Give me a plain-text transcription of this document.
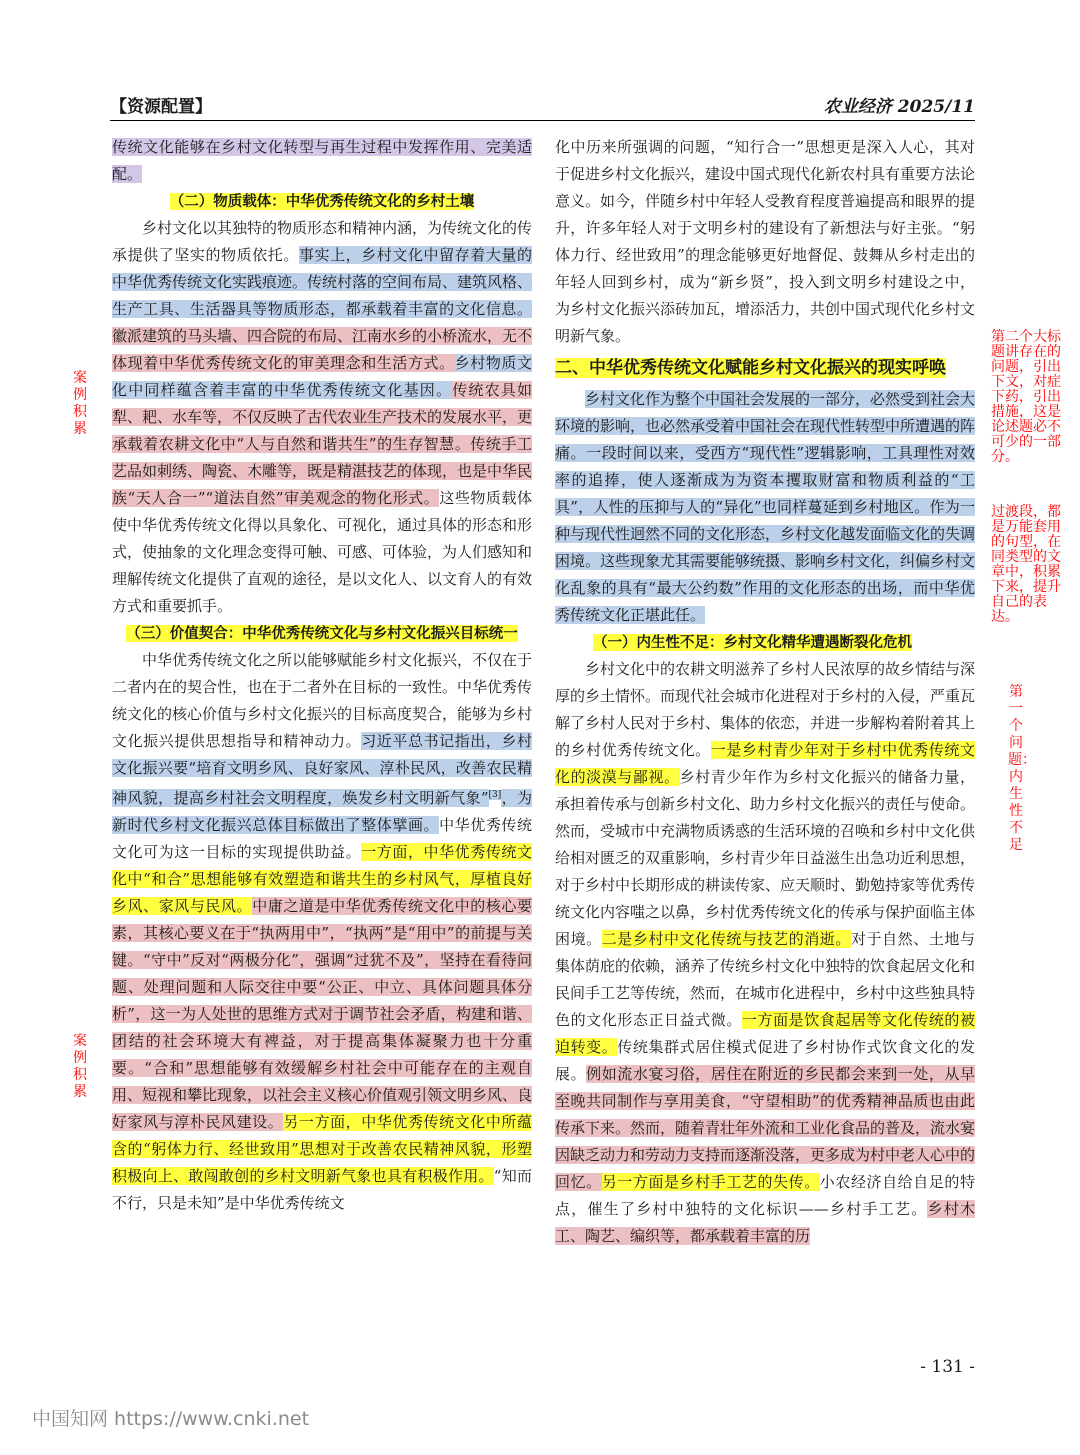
【资源配置】	农业经济 2025/11

传统文化能够在乡村文化转型与再生过程中发挥作用、完美适配。

（二）物质载体：中华优秀传统文化的乡村土壤

乡村文化以其独特的物质形态和精神内涵，为传统文化的传承提供了坚实的物质依托。事实上，乡村文化中留存着大量的中华优秀传统文化实践痕迹。传统村落的空间布局、建筑风格、生产工具、生活器具等物质形态，都承载着丰富的文化信息。徽派建筑的马头墙、四合院的布局、江南水乡的小桥流水，无不体现着中华优秀传统文化的审美理念和生活方式。乡村物质文化中同样蕴含着丰富的中华优秀传统文化基因。传统农具如犁、耙、水车等，不仅反映了古代农业生产技术的发展水平，更承载着农耕文化中“人与自然和谐共生”的生存智慧。传统手工艺品如刺绣、陶瓷、木雕等，既是精湛技艺的体现，也是中华民族“天人合一”“道法自然”审美观念的物化形式。这些物质载体使中华优秀传统文化得以具象化、可视化，通过具体的形态和形式，使抽象的文化理念变得可触、可感、可体验，为人们感知和理解传统文化提供了直观的途径，是以文化人、以文育人的有效方式和重要抓手。

（三）价值契合：中华优秀传统文化与乡村文化振兴目标统一

中华优秀传统文化之所以能够赋能乡村文化振兴，不仅在于二者内在的契合性，也在于二者外在目标的一致性。中华优秀传统文化的核心价值与乡村文化振兴的目标高度契合，能够为乡村文化振兴提供思想指导和精神动力。习近平总书记指出，乡村文化振兴要“培育文明乡风、良好家风、淳朴民风，改善农民精神风貌，提高乡村社会文明程度，焕发乡村文明新气象”[3]，为新时代乡村文化振兴总体目标做出了整体擘画。中华优秀传统文化可为这一目标的实现提供助益。一方面，中华优秀传统文化中“和合”思想能够有效塑造和谐共生的乡村风气，厚植良好乡风、家风与民风。中庸之道是中华优秀传统文化中的核心要素，其核心要义在于“执两用中”，“执两”是“用中”的前提与关键。“守中”反对“两极分化”，强调“过犹不及”，坚持在看待问题、处理问题和人际交往中要“公正、中立、具体问题具体分析”，这一为人处世的思维方式对于调节社会矛盾，构建和谐、团结的社会环境大有裨益，对于提高集体凝聚力也十分重要。“合和”思想能够有效缓解乡村社会中可能存在的主观自用、短视和攀比现象，以社会主义核心价值观引领文明乡风、良好家风与淳朴民风建设。另一方面，中华优秀传统文化中所蕴含的“躬体力行、经世致用”思想对于改善农民精神风貌，形塑积极向上、敢闯敢创的乡村文明新气象也具有积极作用。“知而不行，只是未知”是中华优秀传统文

化中历来所强调的问题，“知行合一”思想更是深入人心，其对于促进乡村文化振兴，建设中国式现代化新农村具有重要方法论意义。如今，伴随乡村中年轻人受教育程度普遍提高和眼界的提升，许多年轻人对于文明乡村的建设有了新想法与好主张。“躬体力行、经世致用”的理念能够更好地督促、鼓舞从乡村走出的年轻人回到乡村，成为“新乡贤”，投入到文明乡村建设之中，为乡村文化振兴添砖加瓦，增添活力，共创中国式现代化乡村文明新气象。

二、中华优秀传统文化赋能乡村文化振兴的现实呼唤

乡村文化作为整个中国社会发展的一部分，必然受到社会大环境的影响，也必然承受着中国社会在现代性转型中所遭遇的阵痛。一段时间以来，受西方“现代性”逻辑影响，工具理性对效率的追捧，使人逐渐成为为资本攫取财富和物质利益的“工具”，人性的压抑与人的“异化”也同样蔓延到乡村地区。作为一种与现代性迥然不同的文化形态，乡村文化越发面临文化的失调困境。这些现象尤其需要能够统摄、影响乡村文化，纠偏乡村文化乱象的具有“最大公约数”作用的文化形态的出场，而中华优秀传统文化正堪此任。

（一）内生性不足：乡村文化精华遭遇断裂化危机

乡村文化中的农耕文明滋养了乡村人民浓厚的故乡情结与深厚的乡土情怀。而现代社会城市化进程对于乡村的入侵，严重瓦解了乡村人民对于乡村、集体的依恋，并进一步解构着附着其上的乡村优秀传统文化。一是乡村青少年对于乡村中优秀传统文化的淡漠与鄙视。乡村青少年作为乡村文化振兴的储备力量，承担着传承与创新乡村文化、助力乡村文化振兴的责任与使命。然而，受城市中充满物质诱惑的生活环境的召唤和乡村中文化供给相对匮乏的双重影响，乡村青少年日益滋生出急功近利思想，对于乡村中长期形成的耕读传家、应天顺时、勤勉持家等优秀传统文化内容嗤之以鼻，乡村优秀传统文化的传承与保护面临主体困境。二是乡村中文化传统与技艺的消逝。对于自然、土地与集体荫庇的依赖，涵养了传统乡村文化中独特的饮食起居文化和民间手工艺等传统，然而，在城市化进程中，乡村中这些独具特色的文化形态正日益式微。一方面是饮食起居等文化传统的被迫转变。传统集群式居住模式促进了乡村协作式饮食文化的发展。例如流水宴习俗，居住在附近的乡民都会来到一处，从早至晚共同制作与享用美食，“守望相助”的优秀精神品质也由此传承下来。然而，随着青壮年外流和工业化食品的普及，流水宴因缺乏动力和劳动力支持而逐渐没落，更多成为村中老人心中的回忆。另一方面是乡村手工艺的失传。小农经济自给自足的特点，催生了乡村中独特的文化标识——乡村手工艺。乡村木工、陶艺、编织等，都承载着丰富的历

案例积累
案例积累
第二个大标题讲存在的问题，引出下文，对症下药，引出措施，这是论述题必不可少的一部分。
过渡段，都是万能套用的句型，在同类型的文章中，积累下来，提升自己的表达。
第一个问题：内生性不足
- 131 -
中国知网 https://www.cnki.net
